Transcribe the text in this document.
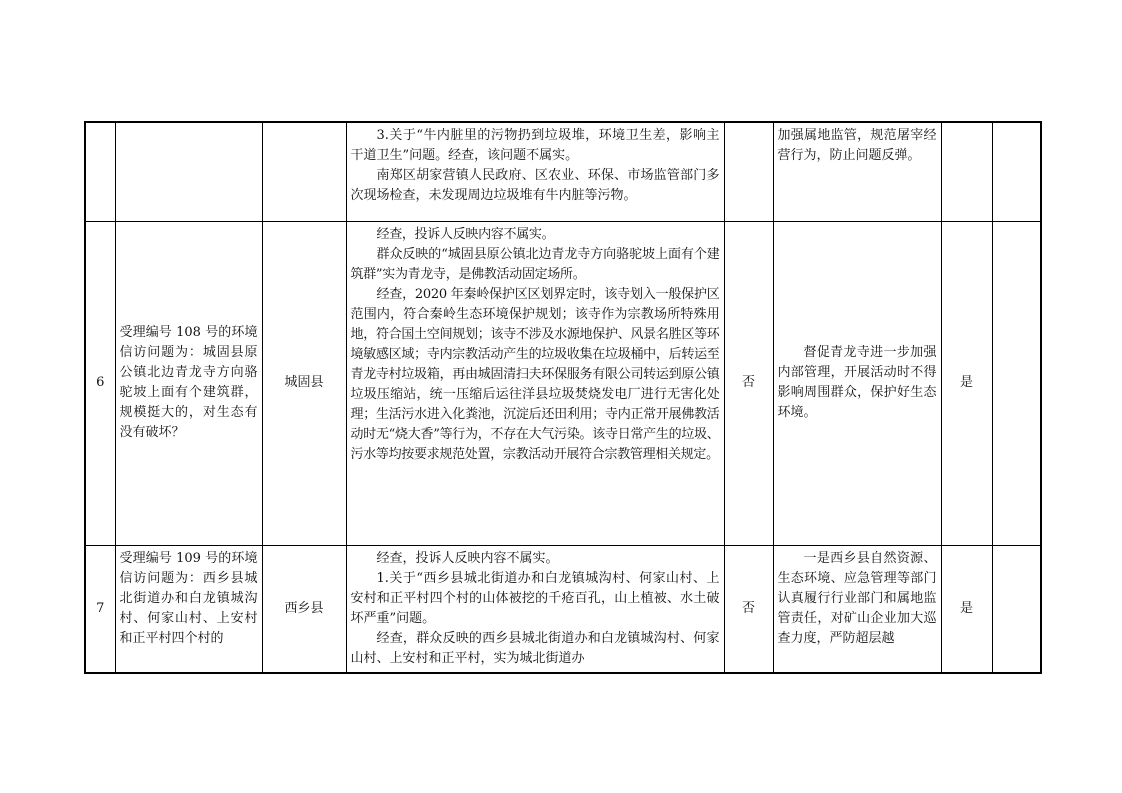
			3.关于“牛内脏里的污物扔到垃圾堆，环境卫生差，影响主干道卫生”问题。经查，该问题不属实。

南郑区胡家营镇人民政府、区农业、环保、市场监管部门多次现场检查，未发现周边垃圾堆有牛内脏等污物。		加强属地监管，规范屠宰经营行为，防止问题反弹。		

6	受理编号 108 号的环境信访问题为：城固县原公镇北边青龙寺方向骆驼坡上面有个建筑群，规模挺大的，对生态有没有破坏？	城固县	经查，投诉人反映内容不属实。

群众反映的“城固县原公镇北边青龙寺方向骆驼坡上面有个建筑群”实为青龙寺，是佛教活动固定场所。

经查，2020 年秦岭保护区区划界定时，该寺划入一般保护区范围内，符合秦岭生态环境保护规划；该寺作为宗教场所特殊用地，符合国土空间规划；该寺不涉及水源地保护、风景名胜区等环境敏感区域；寺内宗教活动产生的垃圾收集在垃圾桶中，后转运至青龙寺村垃圾箱，再由城固清扫夫环保服务有限公司转运到原公镇垃圾压缩站，统一压缩后运往洋县垃圾焚烧发电厂进行无害化处理；生活污水进入化粪池，沉淀后还田利用；寺内正常开展佛教活动时无“烧大香”等行为，不存在大气污染。该寺日常产生的垃圾、污水等均按要求规范处置，宗教活动开展符合宗教管理相关规定。	否	督促青龙寺进一步加强内部管理，开展活动时不得影响周围群众，保护好生态环境。	是	
7	受理编号 109 号的环境信访问题为：西乡县城北街道办和白龙镇城沟村、何家山村、上安村和正平村四个村的	西乡县	经查，投诉人反映内容不属实。

1.关于“西乡县城北街道办和白龙镇城沟村、何家山村、上安村和正平村四个村的山体被挖的千疮百孔，山上植被、水土破坏严重”问题。

经查，群众反映的西乡县城北街道办和白龙镇城沟村、何家山村、上安村和正平村，实为城北街道办	否	一是西乡县自然资源、生态环境、应急管理等部门认真履行行业部门和属地监管责任，对矿山企业加大巡查力度，严防超层越	是	
